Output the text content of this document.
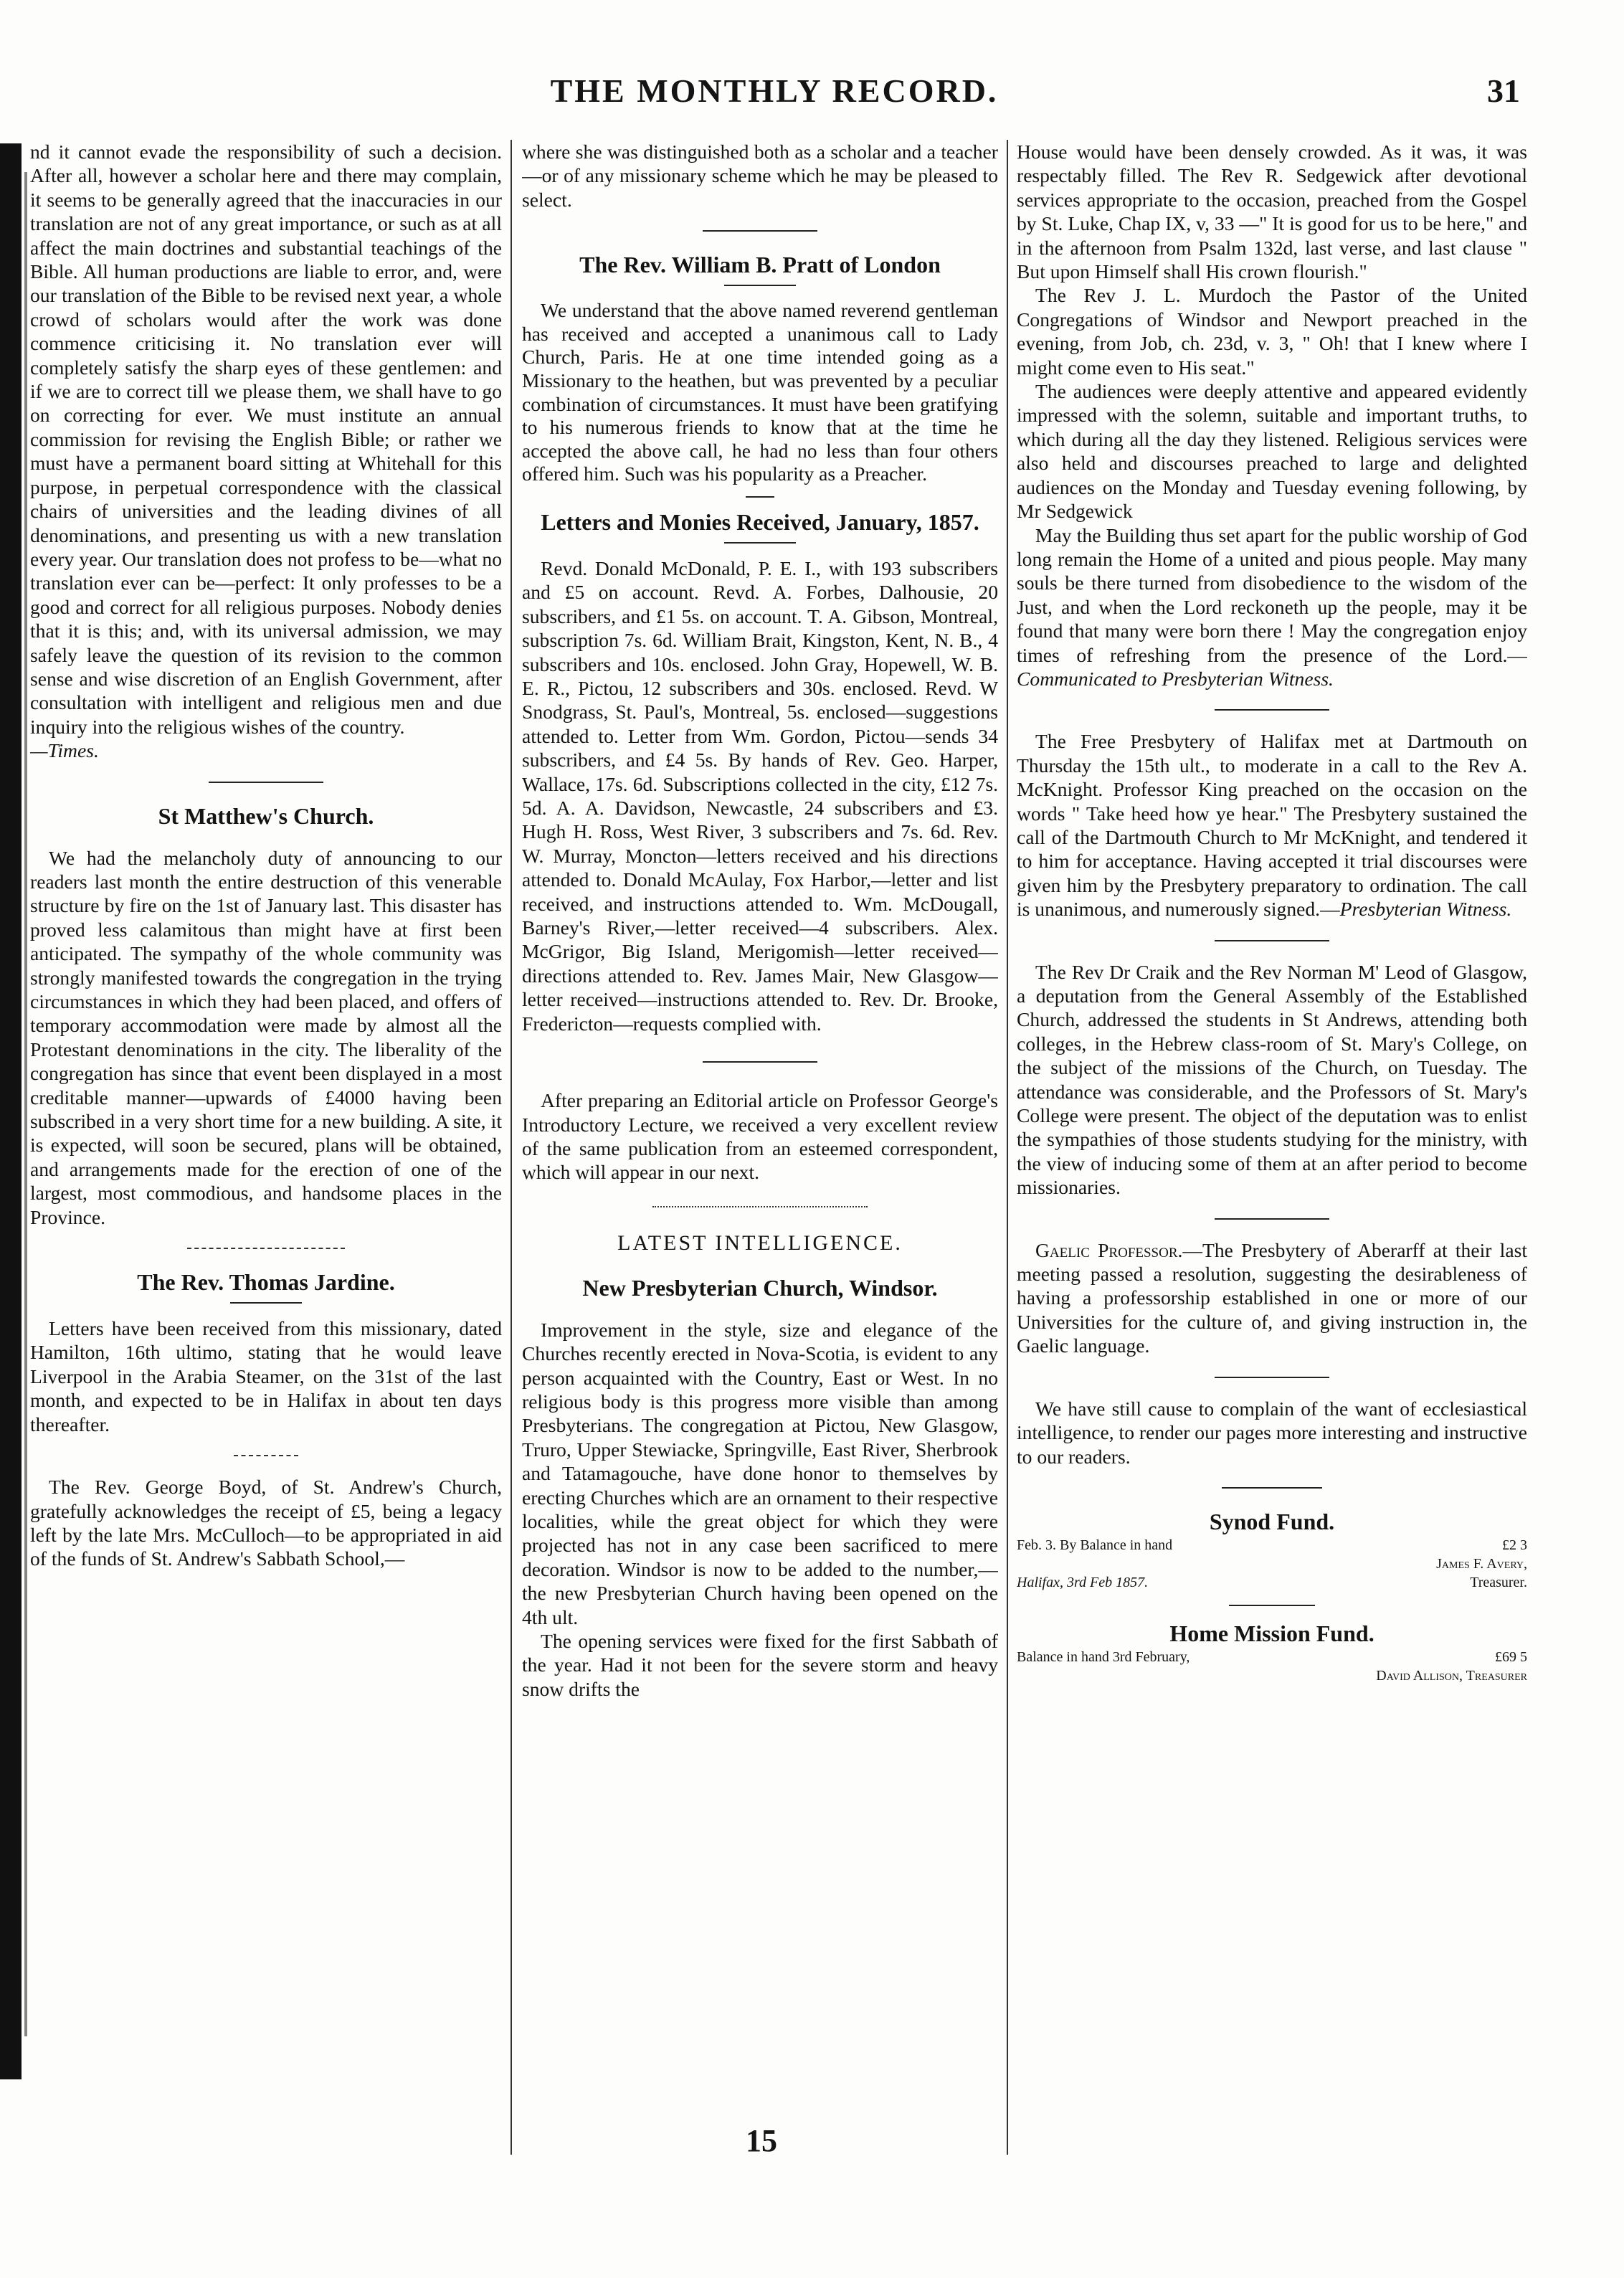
THE MONTHLY RECORD.	31

nd it cannot evade the responsibility of such a decision. After all, however a scholar here and there may complain, it seems to be generally agreed that the inaccuracies in our translation are not of any great importance, or such as at all affect the main doctrines and substantial teachings of the Bible. All human productions are liable to error, and, were our translation of the Bible to be revised next year, a whole crowd of scholars would after the work was done commence criticising it. No translation ever will completely satisfy the sharp eyes of these gentlemen: and if we are to correct till we please them, we shall have to go on correcting for ever. We must institute an annual commission for revising the English Bible; or rather we must have a permanent board sitting at Whitehall for this purpose, in perpetual correspondence with the classical chairs of universities and the leading divines of all denominations, and presenting us with a new translation every year. Our translation does not profess to be—what no translation ever can be—perfect: It only professes to be a good and correct for all religious purposes. Nobody denies that it is this; and, with its universal admission, we may safely leave the question of its revision to the common sense and wise discretion of an English Government, after consultation with intelligent and religious men and due inquiry into the religious wishes of the country.

—Times.

St Matthew's Church.

We had the melancholy duty of announcing to our readers last month the entire destruction of this venerable structure by fire on the 1st of January last. This disaster has proved less calamitous than might have at first been anticipated. The sympathy of the whole community was strongly manifested towards the congregation in the trying circumstances in which they had been placed, and offers of temporary accommodation were made by almost all the Protestant denominations in the city. The liberality of the congregation has since that event been displayed in a most creditable manner—upwards of £4000 having been subscribed in a very short time for a new building. A site, it is expected, will soon be secured, plans will be obtained, and arrangements made for the erection of one of the largest, most commodious, and handsome places in the Province.

The Rev. Thomas Jardine.

Letters have been received from this missionary, dated Hamilton, 16th ultimo, stating that he would leave Liverpool in the Arabia Steamer, on the 31st of the last month, and expected to be in Halifax in about ten days thereafter.

The Rev. George Boyd, of St. Andrew's Church, gratefully acknowledges the receipt of £5, being a legacy left by the late Mrs. McCulloch—to be appropriated in aid of the funds of St. Andrew's Sabbath School,—

where she was distinguished both as a scholar and a teacher—or of any missionary scheme which he may be pleased to select.

The Rev. William B. Pratt of London

We understand that the above named reverend gentleman has received and accepted a unanimous call to Lady Church, Paris. He at one time intended going as a Missionary to the heathen, but was prevented by a peculiar combination of circumstances. It must have been gratifying to his numerous friends to know that at the time he accepted the above call, he had no less than four others offered him. Such was his popularity as a Preacher.

Letters and Monies Received, January, 1857.

Revd. Donald McDonald, P. E. I., with 193 subscribers and £5 on account. Revd. A. Forbes, Dalhousie, 20 subscribers, and £1 5s. on account. T. A. Gibson, Montreal, subscription 7s. 6d. William Brait, Kingston, Kent, N. B., 4 subscribers and 10s. enclosed. John Gray, Hopewell, W. B. E. R., Pictou, 12 subscribers and 30s. enclosed. Revd. W Snodgrass, St. Paul's, Montreal, 5s. enclosed—suggestions attended to. Letter from Wm. Gordon, Pictou—sends 34 subscribers, and £4 5s. By hands of Rev. Geo. Harper, Wallace, 17s. 6d. Subscriptions collected in the city, £12 7s. 5d. A. A. Davidson, Newcastle, 24 subscribers and £3. Hugh H. Ross, West River, 3 subscribers and 7s. 6d. Rev. W. Murray, Moncton—letters received and his directions attended to. Donald McAulay, Fox Harbor,—letter and list received, and instructions attended to. Wm. McDougall, Barney's River,—letter received—4 subscribers. Alex. McGrigor, Big Island, Merigomish—letter received—directions attended to. Rev. James Mair, New Glasgow—letter received—instructions attended to. Rev. Dr. Brooke, Fredericton—requests complied with.

After preparing an Editorial article on Professor George's Introductory Lecture, we received a very excellent review of the same publication from an esteemed correspondent, which will appear in our next.

LATEST INTELLIGENCE.
New Presbyterian Church, Windsor.

Improvement in the style, size and elegance of the Churches recently erected in Nova-Scotia, is evident to any person acquainted with the Country, East or West. In no religious body is this progress more visible than among Presbyterians. The congregation at Pictou, New Glasgow, Truro, Upper Stewiacke, Springville, East River, Sherbrook and Tatamagouche, have done honor to themselves by erecting Churches which are an ornament to their respective localities, while the great object for which they were projected has not in any case been sacrificed to mere decoration. Windsor is now to be added to the number,—the new Presbyterian Church having been opened on the 4th ult.

The opening services were fixed for the first Sabbath of the year. Had it not been for the severe storm and heavy snow drifts the

House would have been densely crowded. As it was, it was respectably filled. The Rev R. Sedgewick after devotional services appropriate to the occasion, preached from the Gospel by St. Luke, Chap IX, v, 33 —" It is good for us to be here," and in the afternoon from Psalm 132d, last verse, and last clause " But upon Himself shall His crown flourish."

The Rev J. L. Murdoch the Pastor of the United Congregations of Windsor and Newport preached in the evening, from Job, ch. 23d, v. 3, " Oh! that I knew where I might come even to His seat."

The audiences were deeply attentive and appeared evidently impressed with the solemn, suitable and important truths, to which during all the day they listened. Religious services were also held and discourses preached to large and delighted audiences on the Monday and Tuesday evening following, by Mr Sedgewick

May the Building thus set apart for the public worship of God long remain the Home of a united and pious people. May many souls be there turned from disobedience to the wisdom of the Just, and when the Lord reckoneth up the people, may it be found that many were born there ! May the congregation enjoy times of refreshing from the presence of the Lord.—Communicated to Presbyterian Witness.

The Free Presbytery of Halifax met at Dartmouth on Thursday the 15th ult., to moderate in a call to the Rev A. McKnight. Professor King preached on the occasion on the words " Take heed how ye hear." The Presbytery sustained the call of the Dartmouth Church to Mr McKnight, and tendered it to him for acceptance. Having accepted it trial discourses were given him by the Presbytery preparatory to ordination. The call is unanimous, and numerously signed.—Presbyterian Witness.

The Rev Dr Craik and the Rev Norman M' Leod of Glasgow, a deputation from the General Assembly of the Established Church, addressed the students in St Andrews, attending both colleges, in the Hebrew class-room of St. Mary's College, on the subject of the missions of the Church, on Tuesday. The attendance was considerable, and the Professors of St. Mary's College were present. The object of the deputation was to enlist the sympathies of those students studying for the ministry, with the view of inducing some of them at an after period to become missionaries.

Gaelic Professor.—The Presbytery of Aberarff at their last meeting passed a resolution, suggesting the desirableness of having a professorship established in one or more of our Universities for the culture of, and giving instruction in, the Gaelic language.

We have still cause to complain of the want of ecclesiastical intelligence, to render our pages more interesting and instructive to our readers.

Synod Fund.
Feb. 3. By Balance in hand	£2 3
James F. Avery,
Halifax, 3rd Feb 1857.	Treasurer.
Home Mission Fund.
Balance in hand 3rd February,	£69 5
David Allison, Treasurer
15
